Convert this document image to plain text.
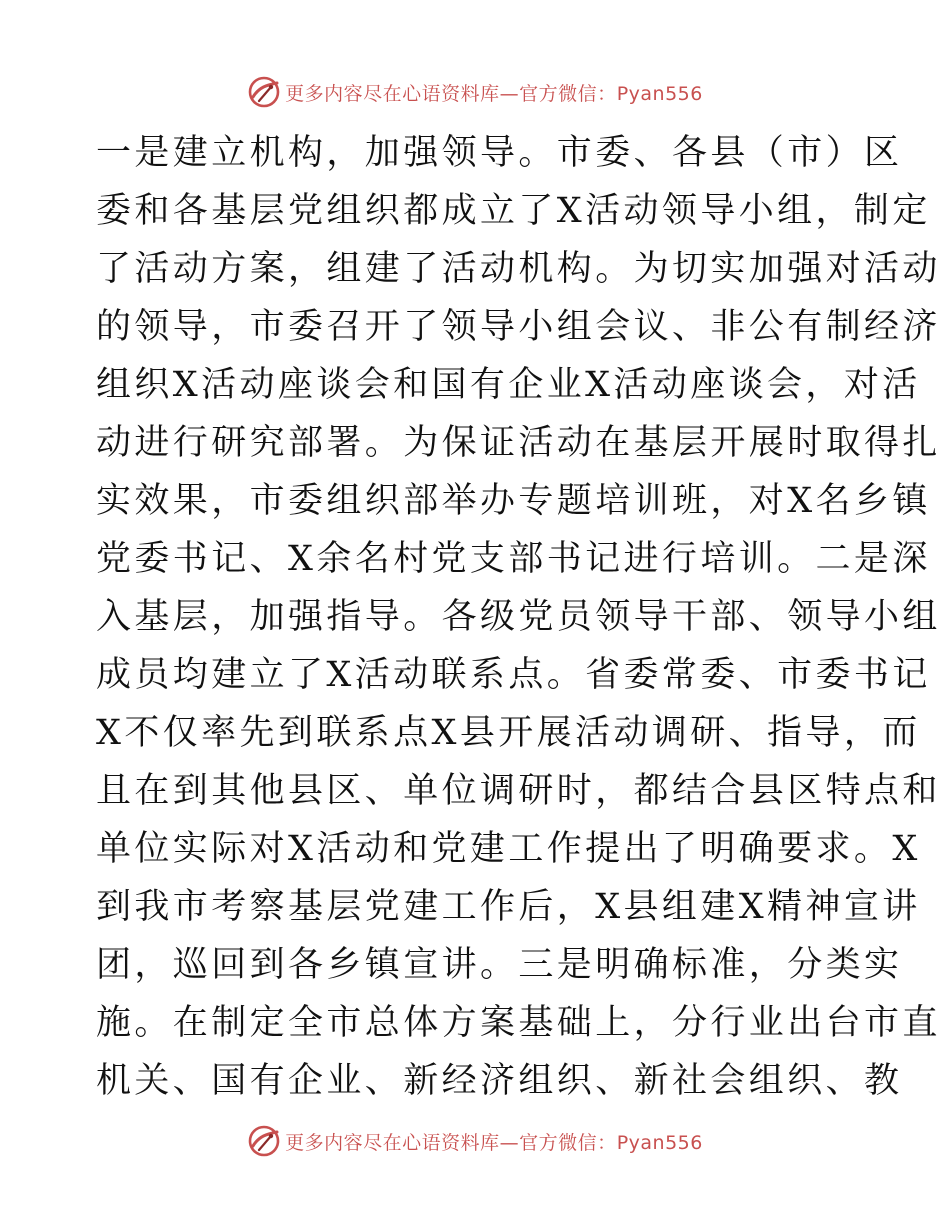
更多内容尽在心语资料库—官方微信：Pyan556
一是建立机构，加强领导。市委、各县（市）区
委和各基层党组织都成立了X活动领导小组，制定
了活动方案，组建了活动机构。为切实加强对活动
的领导，市委召开了领导小组会议、非公有制经济
组织X活动座谈会和国有企业X活动座谈会，对活
动进行研究部署。为保证活动在基层开展时取得扎
实效果，市委组织部举办专题培训班，对X名乡镇
党委书记、X余名村党支部书记进行培训。二是深
入基层，加强指导。各级党员领导干部、领导小组
成员均建立了X活动联系点。省委常委、市委书记
X不仅率先到联系点X县开展活动调研、指导，而
且在到其他县区、单位调研时，都结合县区特点和
单位实际对X活动和党建工作提出了明确要求。X
到我市考察基层党建工作后，X县组建X精神宣讲
团，巡回到各乡镇宣讲。三是明确标准，分类实
施。在制定全市总体方案基础上，分行业出台市直
机关、国有企业、新经济组织、新社会组织、教
更多内容尽在心语资料库—官方微信：Pyan556
